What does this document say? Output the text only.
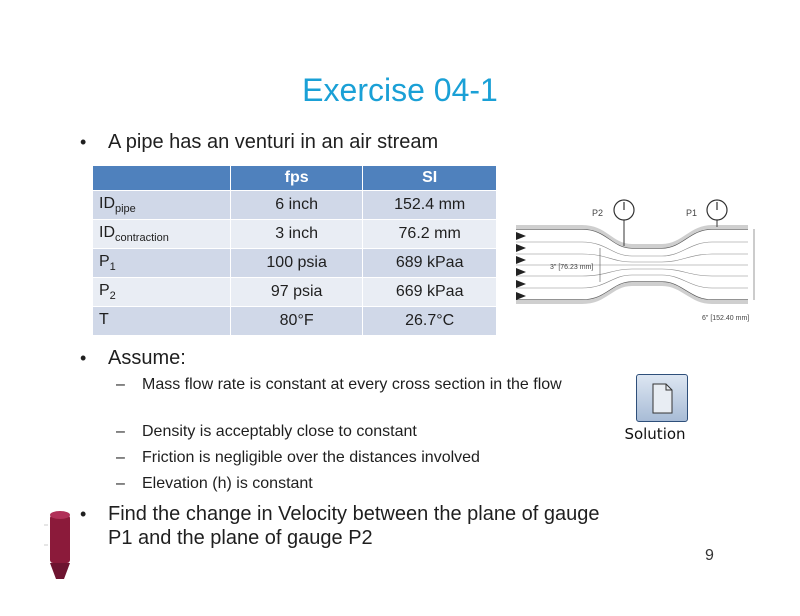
Exercise 04-1
• A pipe has an venturi in an air stream
	fps	SI
$ID_{pipe}$	6 inch	152.4 mm
$ID_{contraction}$	3 inch	76.2 mm
$P_1$	100 psia	689 kPaa
$P_2$	97 psia	669 kPaa
T	80°F	26.7°C
P2	P1
3" [76.23 mm]
6" [152.40 mm]
• Assume:
– Mass flow rate is constant at every cross section in the flow
– Density is acceptably close to constant
– Friction is negligible over the distances involved
– Elevation (h) is constant
• Find the change in Velocity between the plane of gauge P1 and the plane of gauge P2
Solution
9
